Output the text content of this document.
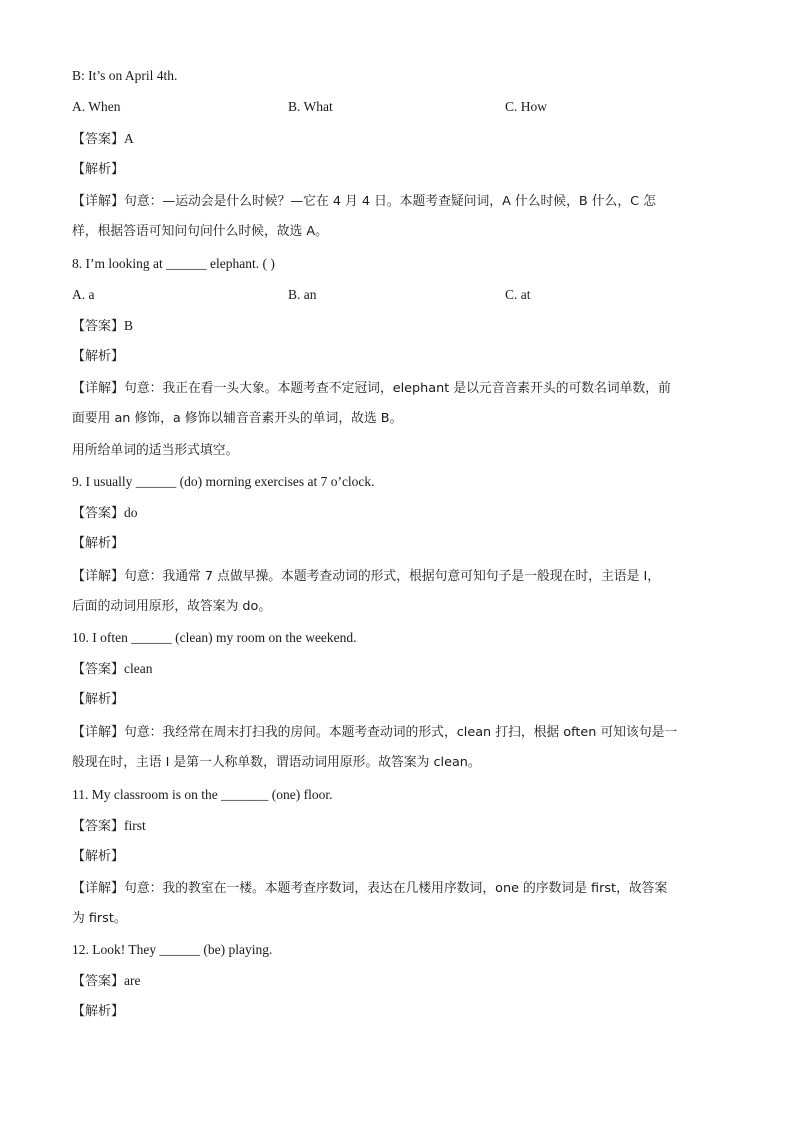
B: It’s on April 4th.
A. When	B. What	C. How
【答案】A
【解析】
【详解】句意：—运动会是什么时候？—它在 4 月 4 日。本题考查疑问词，A 什么时候，B 什么，C 怎
样，根据答语可知问句问什么时候，故选 A。
8. I’m looking at ______ elephant. ( )
A. a	B. an	C. at
【答案】B
【解析】
【详解】句意：我正在看一头大象。本题考查不定冠词，elephant 是以元音音素开头的可数名词单数，前
面要用 an 修饰，a 修饰以辅音音素开头的单词，故选 B。
用所给单词的适当形式填空。
9. I usually ______ (do) morning exercises at 7 o’clock.
【答案】do
【解析】
【详解】句意：我通常 7 点做早操。本题考查动词的形式，根据句意可知句子是一般现在时，主语是 I，
后面的动词用原形，故答案为 do。
10. I often ______ (clean) my room on the weekend.
【答案】clean
【解析】
【详解】句意：我经常在周末打扫我的房间。本题考查动词的形式，clean 打扫，根据 often 可知该句是一
般现在时，主语 I 是第一人称单数，谓语动词用原形。故答案为 clean。
11. My classroom is on the _______ (one) floor.
【答案】first
【解析】
【详解】句意：我的教室在一楼。本题考查序数词，表达在几楼用序数词，one 的序数词是 first，故答案
为 first。
12. Look! They ______ (be) playing.
【答案】are
【解析】
